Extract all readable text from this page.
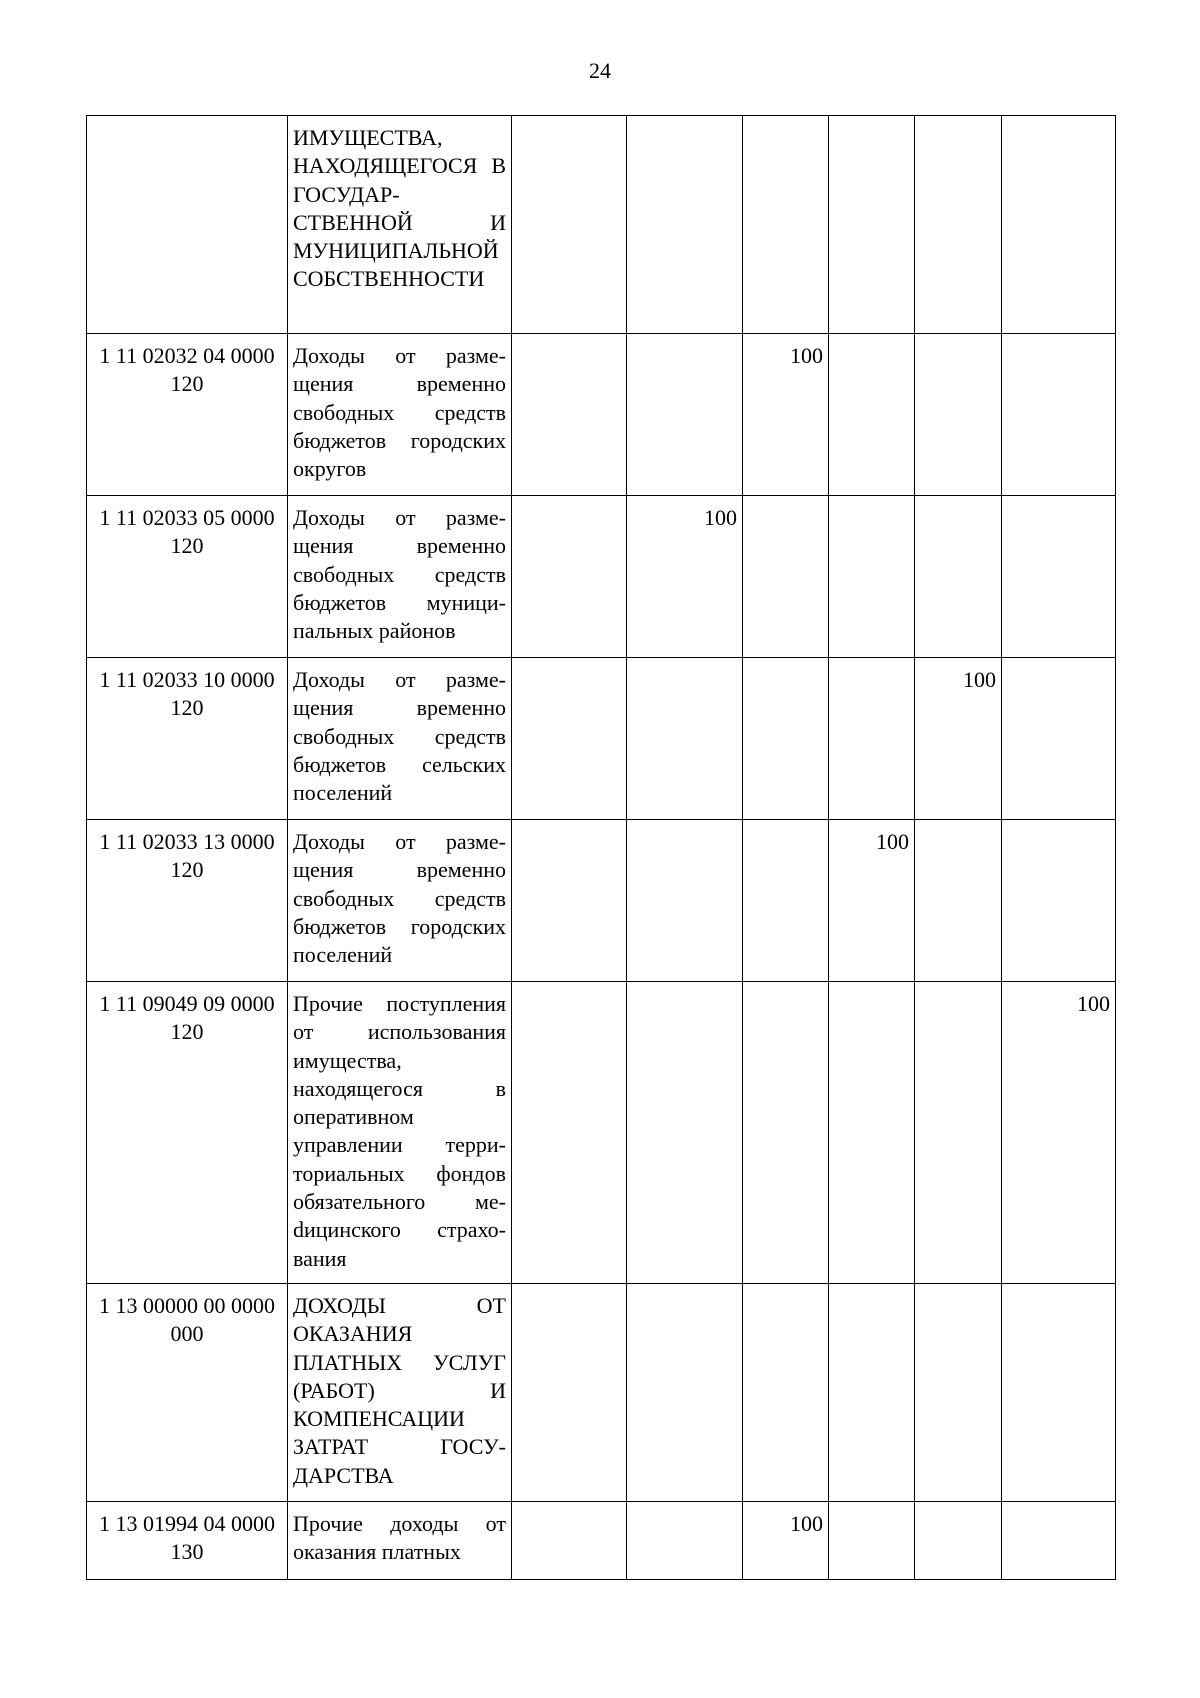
24
	ИМУЩЕСТВА, НАХОДЯЩЕГОСЯ В ГОСУДАРСТВЕННОЙ И МУНИЦИПАЛЬНОЙ СОБСТВЕННОСТИ						
1 11 02032 04 0000 120	Доходы от размещения временно свободных средств бюджетов городских округов			100			
1 11 02033 05 0000 120	Доходы от размещения временно свободных средств бюджетов муниципальных районов		100				
1 11 02033 10 0000 120	Доходы от размещения временно свободных средств бюджетов сельских поселений					100	
1 11 02033 13 0000 120	Доходы от размещения временно свободных средств бюджетов городских поселений				100		
1 11 09049 09 0000 120	Прочие поступления от использования имущества, находящегося в оперативном управлении территориальных фондов обязательного меdицинского страхования						100
1 13 00000 00 0000 000	ДОХОДЫ ОТ ОКАЗАНИЯ ПЛАТНЫХ УСЛУГ (РАБОТ) И КОМПЕНСАЦИИ ЗАТРАТ ГОСУДАРСТВА						
1 13 01994 04 0000 130	Прочие доходы от оказания платных			100			
